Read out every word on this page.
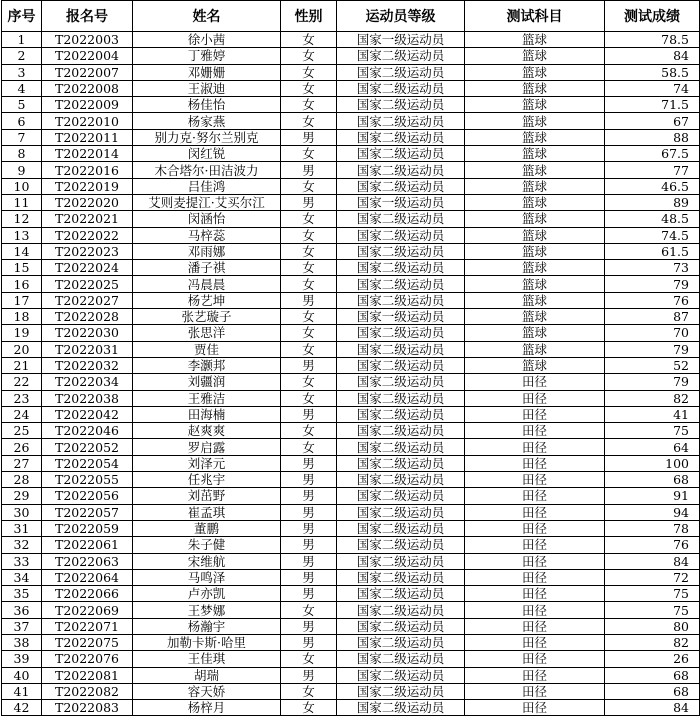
序号	报名号	姓名	性别	运动员等级	测试科目	测试成绩
1	T2022003	徐小茜	女	国家一级运动员	篮球	78.5
2	T2022004	丁雅婷	女	国家二级运动员	篮球	84
3	T2022007	邓姗姗	女	国家二级运动员	篮球	58.5
4	T2022008	王淑迪	女	国家二级运动员	篮球	74
5	T2022009	杨佳怡	女	国家二级运动员	篮球	71.5
6	T2022010	杨家燕	女	国家二级运动员	篮球	67
7	T2022011	别力克·努尔兰别克	男	国家二级运动员	篮球	88
8	T2022014	闵红锐	女	国家二级运动员	篮球	67.5
9	T2022016	木合塔尔·田洁波力	男	国家二级运动员	篮球	77
10	T2022019	吕佳鸿	女	国家二级运动员	篮球	46.5
11	T2022020	艾则麦提江·艾买尔江	男	国家一级运动员	篮球	89
12	T2022021	闵涵怡	女	国家二级运动员	篮球	48.5
13	T2022022	马梓蕊	女	国家二级运动员	篮球	74.5
14	T2022023	邓雨娜	女	国家二级运动员	篮球	61.5
15	T2022024	潘子祺	女	国家二级运动员	篮球	73
16	T2022025	冯晨晨	女	国家二级运动员	篮球	79
17	T2022027	杨艺坤	男	国家二级运动员	篮球	76
18	T2022028	张艺璇子	女	国家一级运动员	篮球	87
19	T2022030	张思洋	女	国家二级运动员	篮球	70
20	T2022031	贾佳	女	国家二级运动员	篮球	79
21	T2022032	李灏邦	男	国家二级运动员	篮球	52
22	T2022034	刘疆润	女	国家二级运动员	田径	79
23	T2022038	王雅洁	女	国家二级运动员	田径	82
24	T2022042	田海楠	男	国家二级运动员	田径	41
25	T2022046	赵爽爽	女	国家二级运动员	田径	75
26	T2022052	罗启露	女	国家二级运动员	田径	64
27	T2022054	刘泽元	男	国家二级运动员	田径	100
28	T2022055	任兆宇	男	国家二级运动员	田径	68
29	T2022056	刘茁野	男	国家二级运动员	田径	91
30	T2022057	崔孟琪	男	国家二级运动员	田径	94
31	T2022059	董鹏	男	国家二级运动员	田径	78
32	T2022061	朱子健	男	国家二级运动员	田径	76
33	T2022063	宋维航	男	国家二级运动员	田径	84
34	T2022064	马鸣泽	男	国家二级运动员	田径	72
35	T2022066	卢亦凯	男	国家二级运动员	田径	75
36	T2022069	王梦娜	女	国家二级运动员	田径	75
37	T2022071	杨瀚宇	男	国家二级运动员	田径	80
38	T2022075	加勒卡斯·哈里	男	国家二级运动员	田径	82
39	T2022076	王佳琪	女	国家二级运动员	田径	26
40	T2022081	胡瑞	男	国家二级运动员	田径	68
41	T2022082	容天娇	女	国家二级运动员	田径	68
42	T2022083	杨梓月	女	国家二级运动员	田径	84
